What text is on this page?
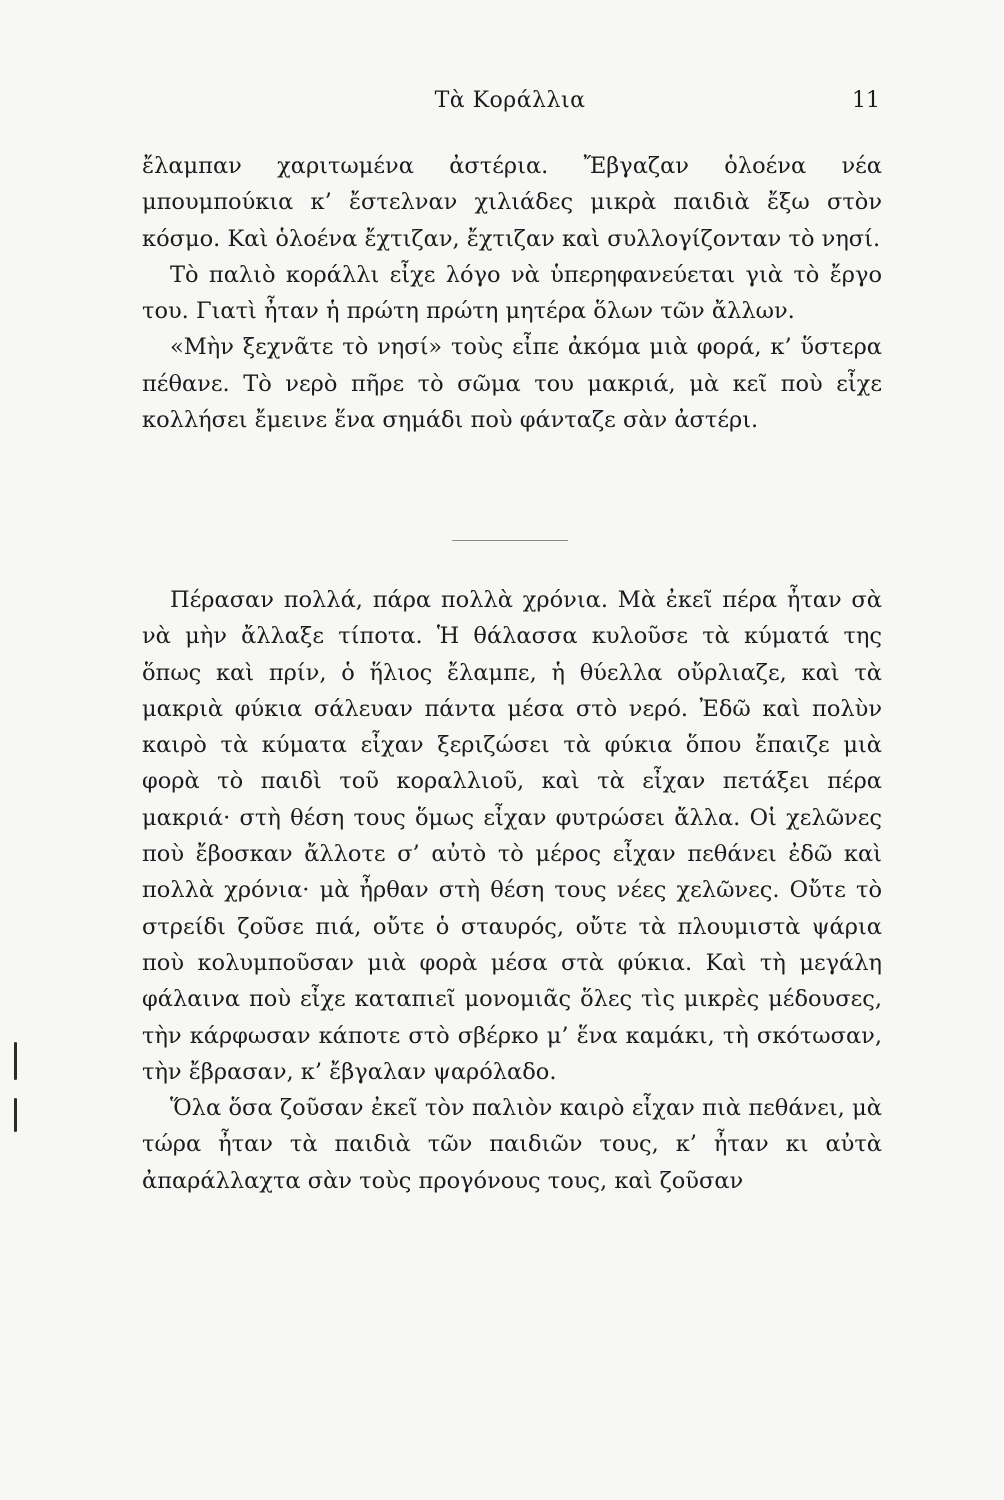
Τὰ Κοράλλια	11

ἔλαμπαν χαριτωμένα ἀστέρια. Ἔβγαζαν ὁλοένα νέα μπουμπούκια κ’ ἔστελναν χιλιάδες μικρὰ παιδιὰ ἔξω στὸν κόσμο. Καὶ ὁλοένα ἔχτιζαν, ἔχτιζαν καὶ συλλογίζονταν τὸ νησί.

Τὸ παλιὸ κοράλλι εἶχε λόγο νὰ ὑπερηφανεύεται γιὰ τὸ ἔργο του. Γιατὶ ἦταν ἡ πρώτη πρώτη μητέρα ὅλων τῶν ἄλλων.

«Μὴν ξεχνᾶτε τὸ νησί» τοὺς εἶπε ἀκόμα μιὰ φορά, κ’ ὕστερα πέθανε. Τὸ νερὸ πῆρε τὸ σῶμα του μακριά, μὰ κεῖ ποὺ εἶχε κολλήσει ἔμεινε ἕνα σημάδι ποὺ φάνταζε σὰν ἀστέρι.

Πέρασαν πολλά, πάρα πολλὰ χρόνια. Μὰ ἐκεῖ πέρα ἦταν σὰ νὰ μὴν ἄλλαξε τίποτα. Ἡ θάλασσα κυλοῦσε τὰ κύματά της ὅπως καὶ πρίν, ὁ ἥλιος ἔλαμπε, ἡ θύελλα οὔρλιαζε, καὶ τὰ μακριὰ φύκια σάλευαν πάντα μέσα στὸ νερό. Ἐδῶ καὶ πολὺν καιρὸ τὰ κύματα εἶχαν ξεριζώσει τὰ φύκια ὅπου ἔπαιζε μιὰ φορὰ τὸ παιδὶ τοῦ κοραλλιοῦ, καὶ τὰ εἶχαν πετάξει πέρα μακριά· στὴ θέση τους ὅμως εἶχαν φυτρώσει ἄλλα. Οἱ χελῶνες ποὺ ἔβοσκαν ἄλλοτε σ’ αὐτὸ τὸ μέρος εἶχαν πεθάνει ἐδῶ καὶ πολλὰ χρόνια· μὰ ἦρθαν στὴ θέση τους νέες χελῶνες. Οὔτε τὸ στρείδι ζοῦσε πιά, οὔτε ὁ σταυρός, οὔτε τὰ πλουμιστὰ ψάρια ποὺ κολυμποῦσαν μιὰ φορὰ μέσα στὰ φύκια. Καὶ τὴ μεγάλη φάλαινα ποὺ εἶχε καταπιεῖ μονομιᾶς ὅλες τὶς μικρὲς μέδουσες, τὴν κάρφωσαν κάποτε στὸ σβέρκο μ’ ἕνα καμάκι, τὴ σκότωσαν, τὴν ἔβρασαν, κ’ ἔβγαλαν ψαρόλαδο.

Ὅλα ὅσα ζοῦσαν ἐκεῖ τὸν παλιὸν καιρὸ εἶχαν πιὰ πεθάνει, μὰ τώρα ἦταν τὰ παιδιὰ τῶν παιδιῶν τους, κ’ ἦταν κι αὐτὰ ἀπαράλλαχτα σὰν τοὺς προγόνους τους, καὶ ζοῦσαν
